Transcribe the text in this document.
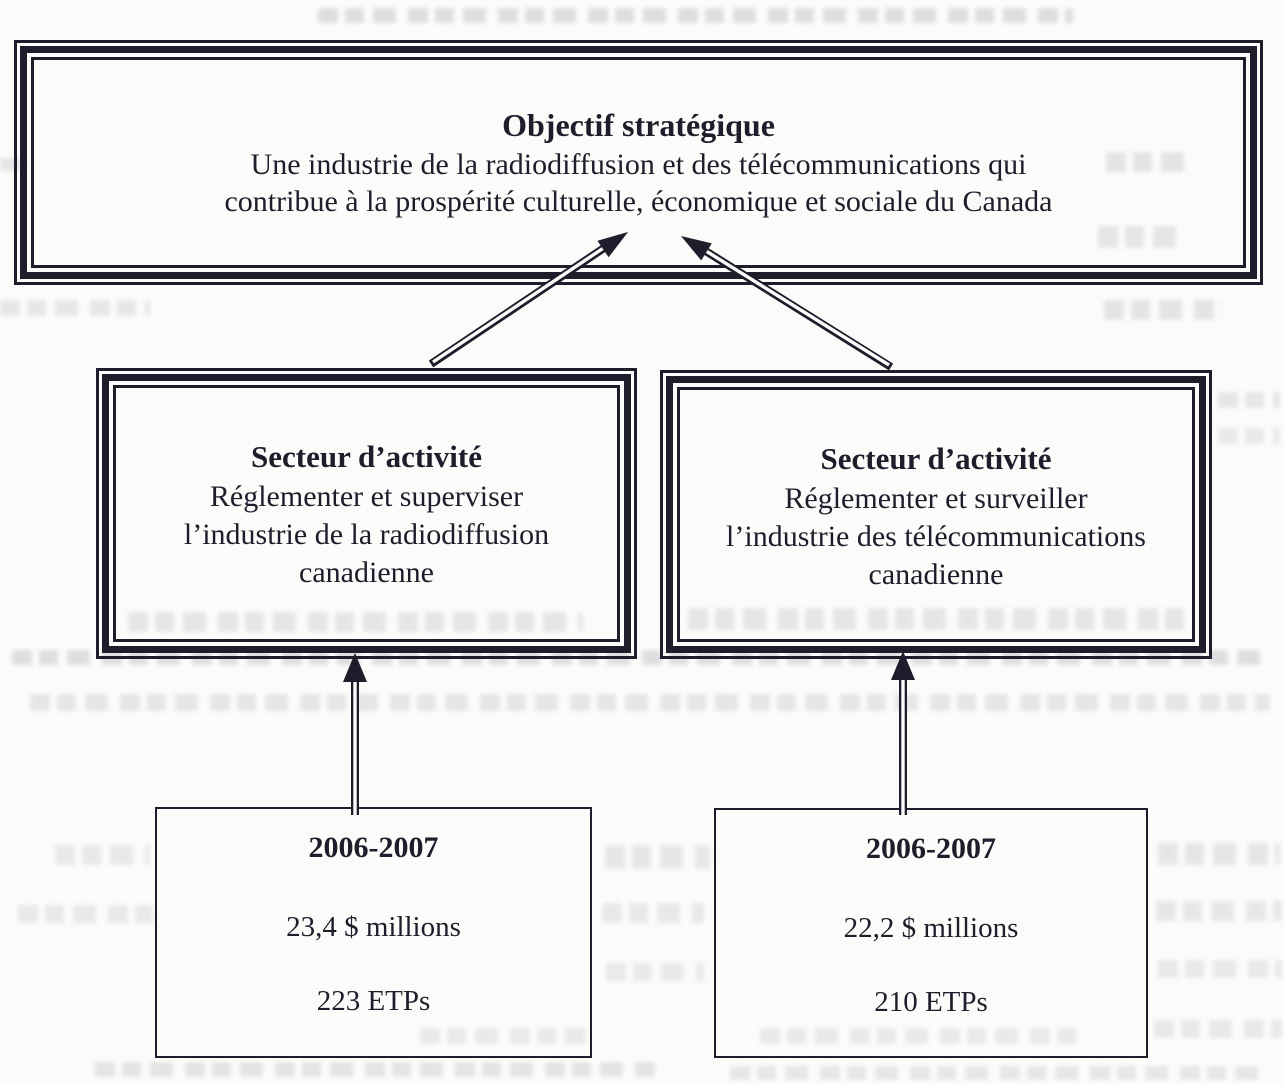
Objectif stratégique
Une industrie de la radiodiffusion et des télécommunications qui
contribue à la prospérité culturelle, économique et sociale du Canada
Secteur d’activité
Réglementer et superviser
l’industrie de la radiodiffusion
canadienne
Secteur d’activité
Réglementer et surveiller
l’industrie des télécommunications
canadienne
2006-2007
23,4 $ millions
223 ETPs
2006-2007
22,2 $ millions
210 ETPs
